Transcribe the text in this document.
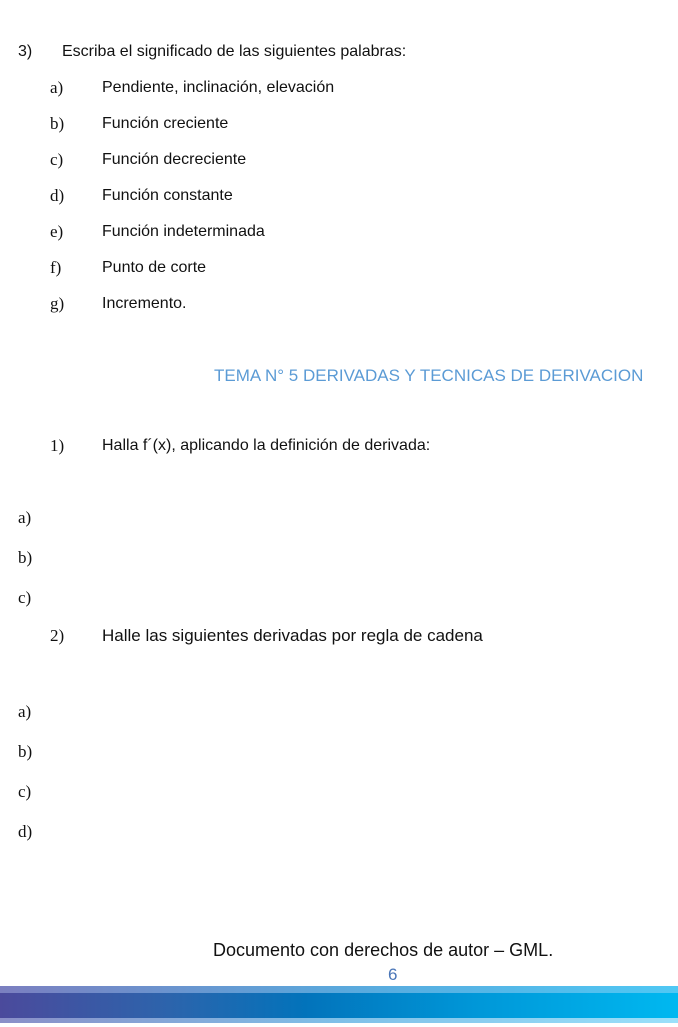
3) Escriba el significado de las siguientes palabras:
a) Pendiente, inclinación, elevación
b) Función creciente
c) Función decreciente
d) Función constante
e) Función indeterminada
f)	Punto de corte
g) Incremento.
TEMA N° 5 DERIVADAS Y TECNICAS DE DERIVACION
1) Halla f´(x), aplicando la definición de derivada:
a)
b)
c)
2) Halle las siguientes derivadas por regla de cadena
a)
b)
c)
d)
Documento con derechos de autor – GML.
6
